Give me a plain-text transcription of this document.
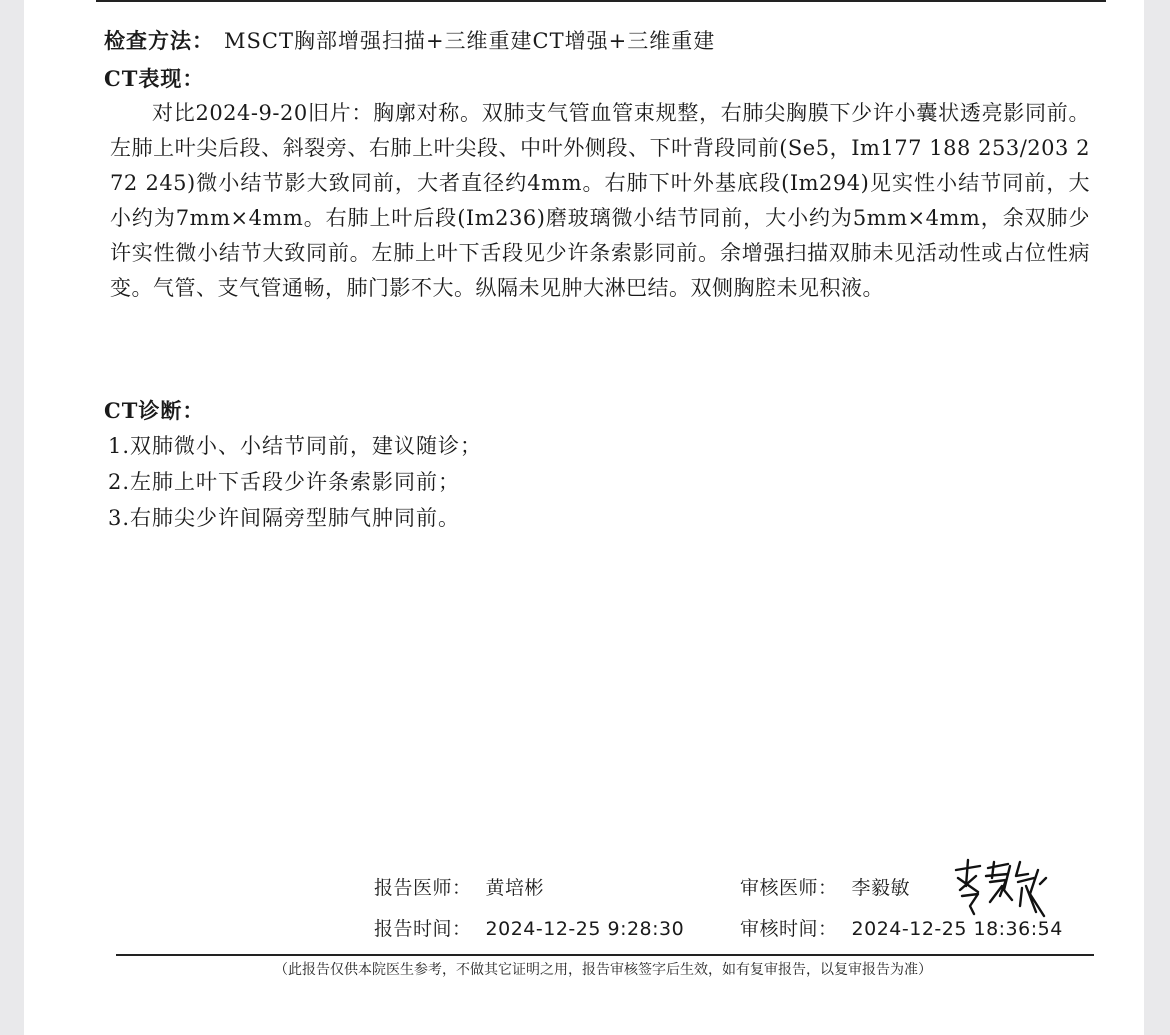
检查方法： MSCT胸部增强扫描+三维重建CT增强+三维重建
CT表现：
对比2024-9-20旧片：胸廓对称。双肺支气管血管束规整，右肺尖胸膜下少许小囊状透亮影同前。左肺上叶尖后段、斜裂旁、右肺上叶尖段、中叶外侧段、下叶背段同前(Se5，Im177 188 253/203 272 245)微小结节影大致同前，大者直径约4mm。右肺下叶外基底段(Im294)见实性小结节同前，大小约为7mm×4mm。右肺上叶后段(Im236)磨玻璃微小结节同前，大小约为5mm×4mm，余双肺少许实性微小结节大致同前。左肺上叶下舌段见少许条索影同前。余增强扫描双肺未见活动性或占位性病变。气管、支气管通畅，肺门影不大。纵隔未见肿大淋巴结。双侧胸腔未见积液。
CT诊断：
1.双肺微小、小结节同前，建议随诊；
2.左肺上叶下舌段少许条索影同前；
3.右肺尖少许间隔旁型肺气肿同前。
报告医师： 黄培彬	审核医师： 李毅敏
报告时间： 2024-12-25 9:28:30	审核时间： 2024-12-25 18:36:54
（此报告仅供本院医生参考，不做其它证明之用，报告审核签字后生效，如有复审报告，以复审报告为准）
